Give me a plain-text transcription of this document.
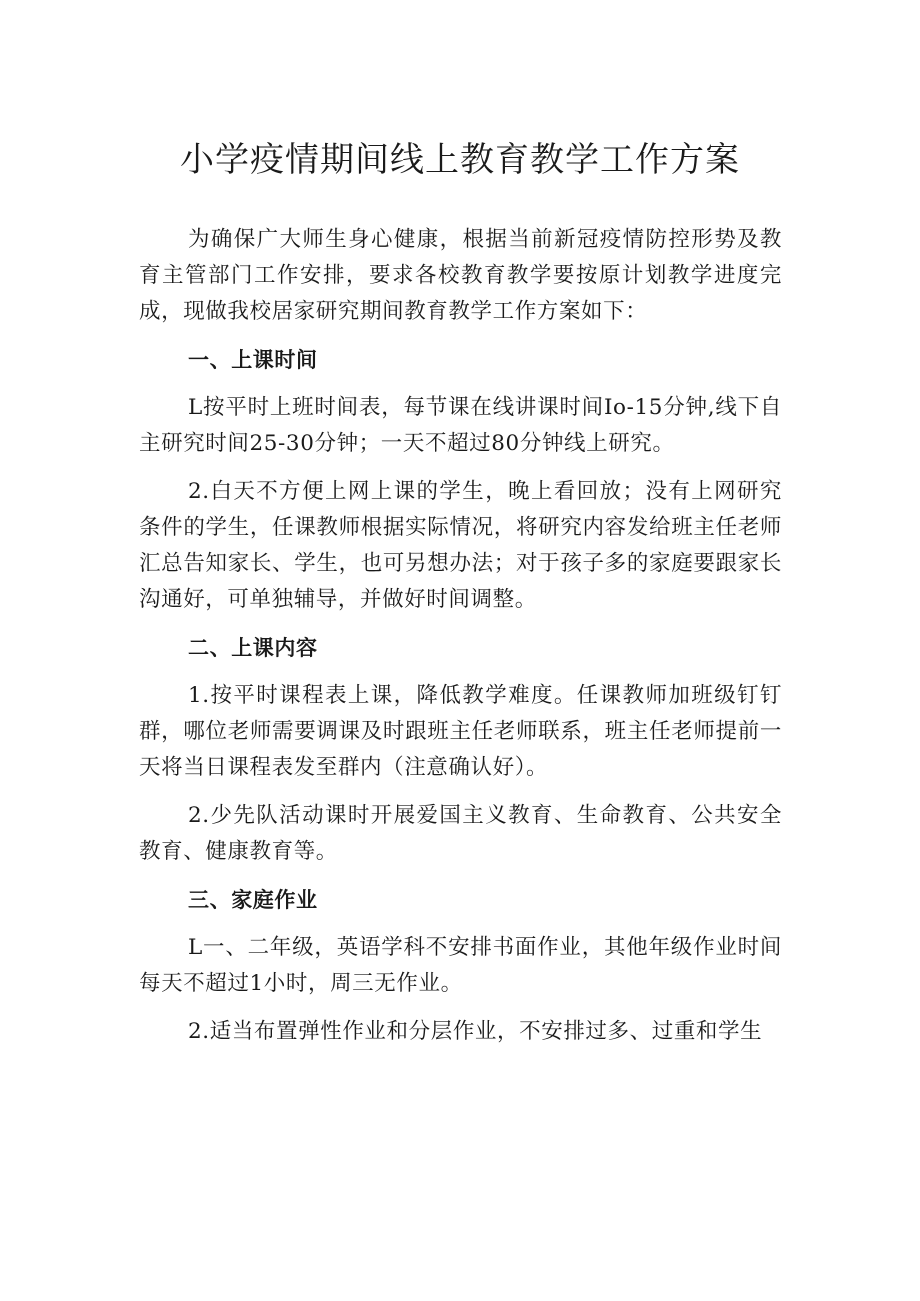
小学疫情期间线上教育教学工作方案

为确保广大师生身心健康，根据当前新冠疫情防控形势及教育主管部门工作安排，要求各校教育教学要按原计划教学进度完成，现做我校居家研究期间教育教学工作方案如下：

一、上课时间

L按平时上班时间表，每节课在线讲课时间Io-15分钟,线下自主研究时间25-30分钟；一天不超过80分钟线上研究。

2.白天不方便上网上课的学生，晚上看回放；没有上网研究条件的学生，任课教师根据实际情况，将研究内容发给班主任老师汇总告知家长、学生，也可另想办法；对于孩子多的家庭要跟家长沟通好，可单独辅导，并做好时间调整。

二、上课内容

1.按平时课程表上课，降低教学难度。任课教师加班级钉钉群，哪位老师需要调课及时跟班主任老师联系，班主任老师提前一天将当日课程表发至群内（注意确认好）。

2.少先队活动课时开展爱国主义教育、生命教育、公共安全教育、健康教育等。

三、家庭作业

L一、二年级，英语学科不安排书面作业，其他年级作业时间每天不超过1小时，周三无作业。

2.适当布置弹性作业和分层作业，不安排过多、过重和学生
